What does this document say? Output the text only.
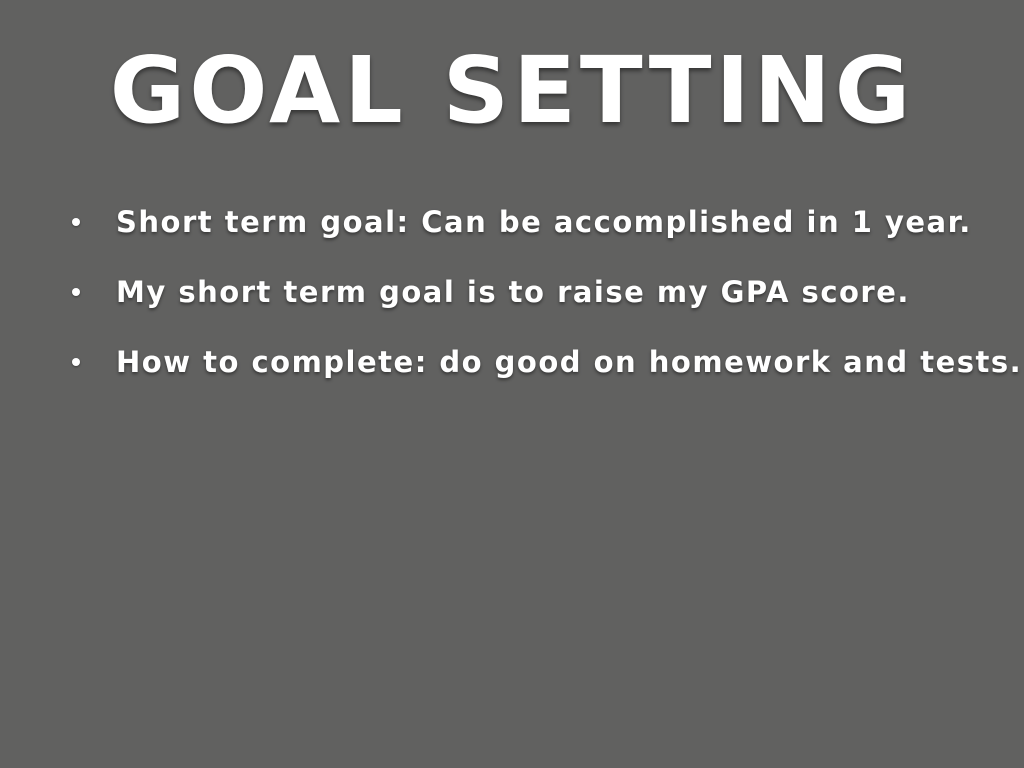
GOAL SETTING
Short term goal: Can be accomplished in 1 year.
My short term goal is to raise my GPA score.
How to complete: do good on homework and tests.
